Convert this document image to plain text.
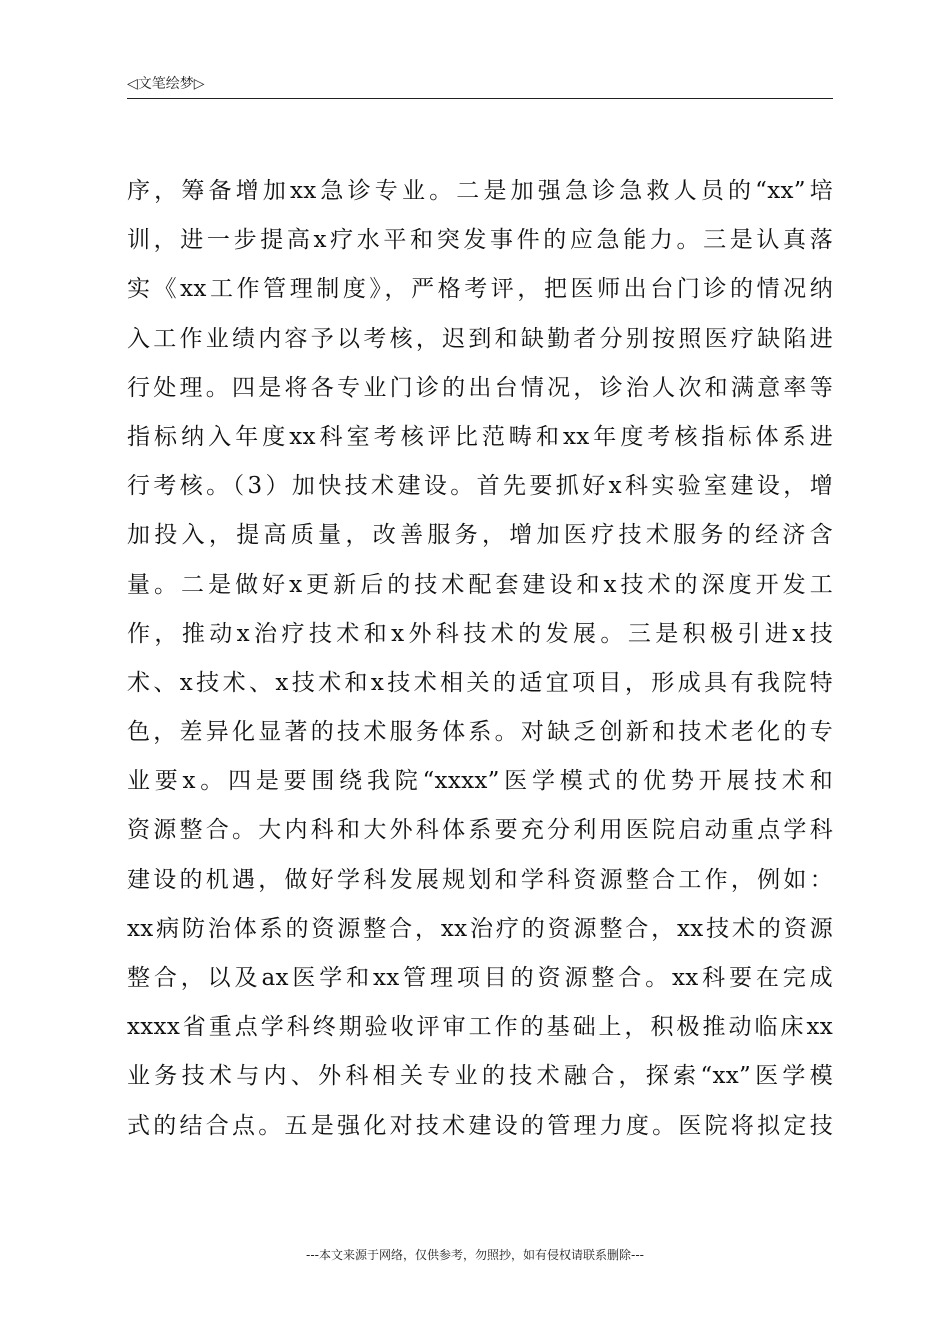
◁文笔绘梦▷
序，筹备增加xx急诊专业。二是加强急诊急救人员的“xx”培
训，进一步提高x疗水平和突发事件的应急能力。三是认真落
实《xx工作管理制度》，严格考评，把医师出台门诊的情况纳
入工作业绩内容予以考核，迟到和缺勤者分别按照医疗缺陷进
行处理。四是将各专业门诊的出台情况，诊治人次和满意率等
指标纳入年度xx科室考核评比范畴和xx年度考核指标体系进
行考核。（3）加快技术建设。首先要抓好x科实验室建设，增
加投入，提高质量，改善服务，增加医疗技术服务的经济含
量。二是做好x更新后的技术配套建设和x技术的深度开发工
作，推动x治疗技术和x外科技术的发展。三是积极引进x技
术、x技术、x技术和x技术相关的适宜项目，形成具有我院特
色，差异化显著的技术服务体系。对缺乏创新和技术老化的专
业要x。四是要围绕我院“xxxx”医学模式的优势开展技术和
资源整合。大内科和大外科体系要充分利用医院启动重点学科
建设的机遇，做好学科发展规划和学科资源整合工作，例如：
xx病防治体系的资源整合，xx治疗的资源整合，xx技术的资源
整合，以及ax医学和xx管理项目的资源整合。xx科要在完成
xxxx省重点学科终期验收评审工作的基础上，积极推动临床xx
业务技术与内、外科相关专业的技术融合，探索“xx”医学模
式的结合点。五是强化对技术建设的管理力度。医院将拟定技
---本文来源于网络，仅供参考，勿照抄，如有侵权请联系删除---
